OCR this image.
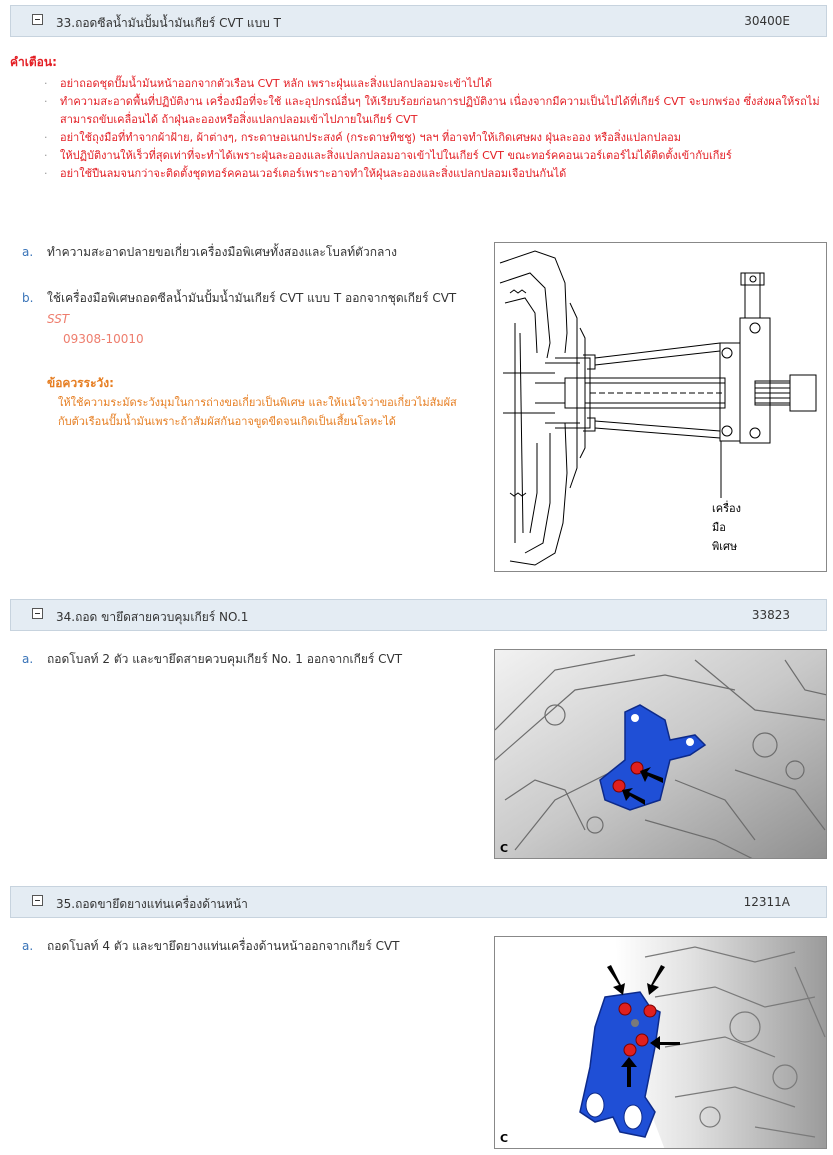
33.ถอดซีลน้ำมันปั้มน้ำมันเกียร์ CVT แบบ T	30400E
คำเตือน:
· อย่าถอดชุดปั๊มน้ำมันหน้าออกจากตัวเรือน CVT หลัก เพราะฝุ่นและสิ่งแปลกปลอมจะเข้าไปได้
· ทำความสะอาดพื้นที่ปฏิบัติงาน เครื่องมือที่จะใช้ และอุปกรณ์อื่นๆ ให้เรียบร้อยก่อนการปฏิบัติงาน เนื่องจากมีความเป็นไปได้ที่เกียร์ CVT จะบกพร่อง ซึ่งส่งผลให้รถไม่สามารถขับเคลื่อนได้ ถ้าฝุ่นละอองหรือสิ่งแปลกปลอมเข้าไปภายในเกียร์ CVT
· อย่าใช้ถุงมือที่ทำจากผ้าฝ้าย, ผ้าต่างๆ, กระดาษอเนกประสงค์ (กระดาษทิชชู) ฯลฯ ที่อาจทำให้เกิดเศษผง ฝุ่นละออง หรือสิ่งแปลกปลอม
· ให้ปฏิบัติงานให้เร็วที่สุดเท่าที่จะทำได้เพราะฝุ่นละอองและสิ่งแปลกปลอมอาจเข้าไปในเกียร์ CVT ขณะทอร์คคอนเวอร์เตอร์ไม่ได้ติดตั้งเข้ากับเกียร์
· อย่าใช้ปืนลมจนกว่าจะติดตั้งชุดทอร์คคอนเวอร์เตอร์เพราะอาจทำให้ฝุ่นละอองและสิ่งแปลกปลอมเจือปนกันได้
a. ทำความสะอาดปลายขอเกี่ยวเครื่องมือพิเศษทั้งสองและโบลท์ตัวกลาง
b. ใช้เครื่องมือพิเศษถอดซีลน้ำมันปั้มน้ำมันเกียร์ CVT แบบ T ออกจากชุดเกียร์ CVT
SST
09308-10010
ข้อควรระวัง:
ให้ใช้ความระมัดระวังมุมในการถ่างขอเกี่ยวเป็นพิเศษ และให้แน่ใจว่าขอเกี่ยวไม่สัมผัสกับตัวเรือนปั๊มน้ำมันเพราะถ้าสัมผัสกันอาจขูดขีดจนเกิดเป็นเสี้ยนโลหะได้
เครื่อง
มือ
พิเศษ
34.ถอด ขายึดสายควบคุมเกียร์ NO.1	33823
a. ถอดโบลท์ 2 ตัว และขายึดสายควบคุมเกียร์ No. 1 ออกจากเกียร์ CVT
C
35.ถอดขายึดยางแท่นเครื่องด้านหน้า	12311A
a. ถอดโบลท์ 4 ตัว และขายึดยางแท่นเครื่องด้านหน้าออกจากเกียร์ CVT
C
